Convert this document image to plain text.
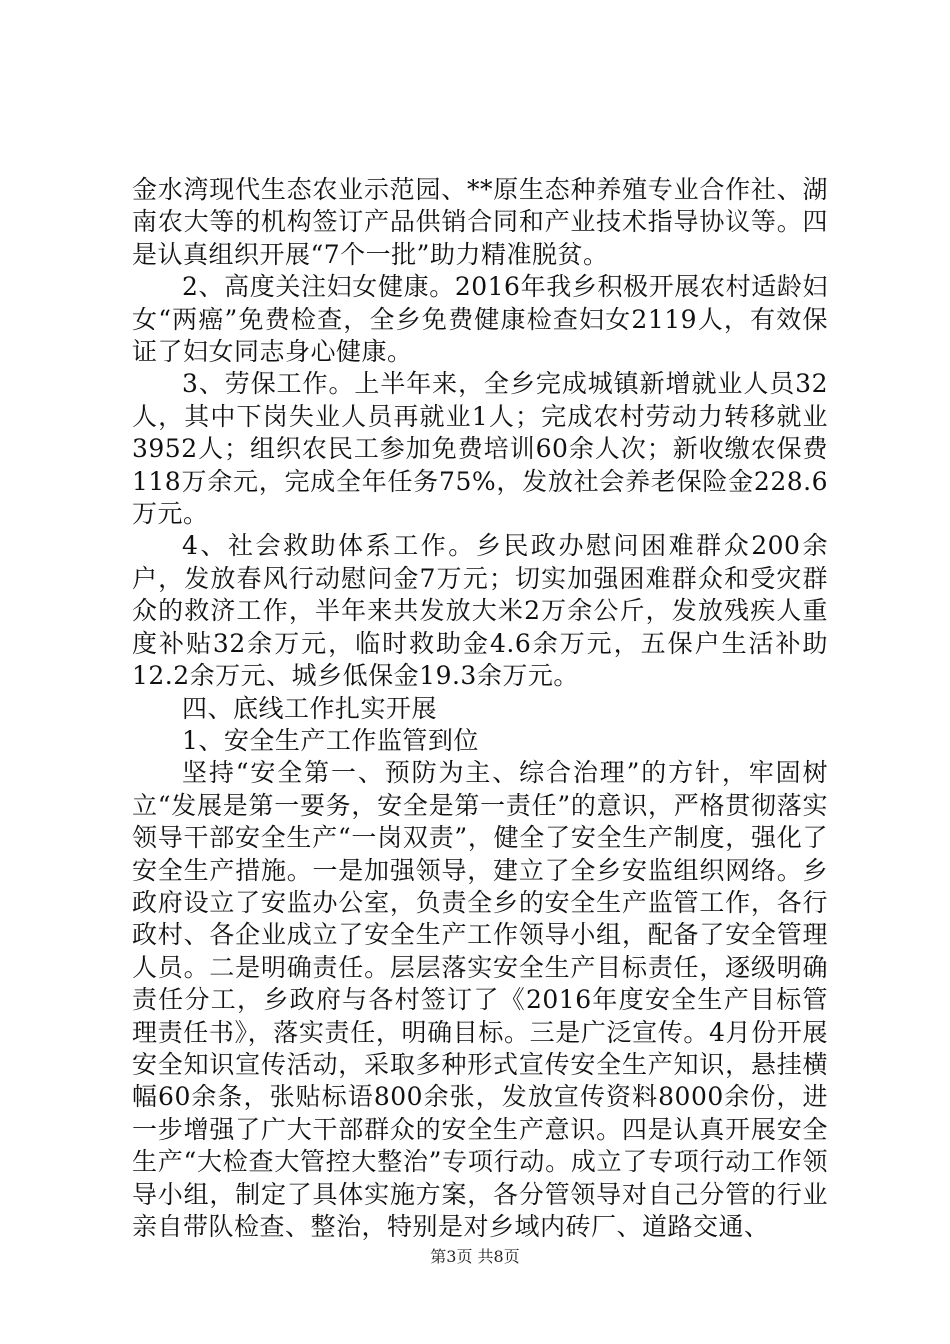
金水湾现代生态农业示范园、**原生态种养殖专业合作社、湖南农大等的机构签订产品供销合同和产业技术指导协议等。四是认真组织开展“7个一批”助力精准脱贫。

2、高度关注妇女健康。2016年我乡积极开展农村适龄妇女“两癌”免费检查，全乡免费健康检查妇女2119人，有效保证了妇女同志身心健康。

3、劳保工作。上半年来，全乡完成城镇新增就业人员32人，其中下岗失业人员再就业1人；完成农村劳动力转移就业3952人；组织农民工参加免费培训60余人次；新收缴农保费118万余元，完成全年任务75%，发放社会养老保险金228.6万元。

4、社会救助体系工作。乡民政办慰问困难群众200余户，发放春风行动慰问金7万元；切实加强困难群众和受灾群众的救济工作，半年来共发放大米2万余公斤，发放残疾人重度补贴32余万元，临时救助金4.6余万元，五保户生活补助12.2余万元、城乡低保金19.3余万元。

四、底线工作扎实开展

1、安全生产工作监管到位

坚持“安全第一、预防为主、综合治理”的方针，牢固树立“发展是第一要务，安全是第一责任”的意识，严格贯彻落实领导干部安全生产“一岗双责”，健全了安全生产制度，强化了安全生产措施。一是加强领导，建立了全乡安监组织网络。乡政府设立了安监办公室，负责全乡的安全生产监管工作，各行政村、各企业成立了安全生产工作领导小组，配备了安全管理人员。二是明确责任。层层落实安全生产目标责任，逐级明确责任分工，乡政府与各村签订了《2016年度安全生产目标管理责任书》，落实责任，明确目标。三是广泛宣传。4月份开展安全知识宣传活动，采取多种形式宣传安全生产知识，悬挂横幅60余条，张贴标语800余张，发放宣传资料8000余份，进一步增强了广大干部群众的安全生产意识。四是认真开展安全生产“大检查大管控大整治”专项行动。成立了专项行动工作领导小组，制定了具体实施方案，各分管领导对自己分管的行业亲自带队检查、整治，特别是对乡域内砖厂、道路交通、

第3页 共8页
